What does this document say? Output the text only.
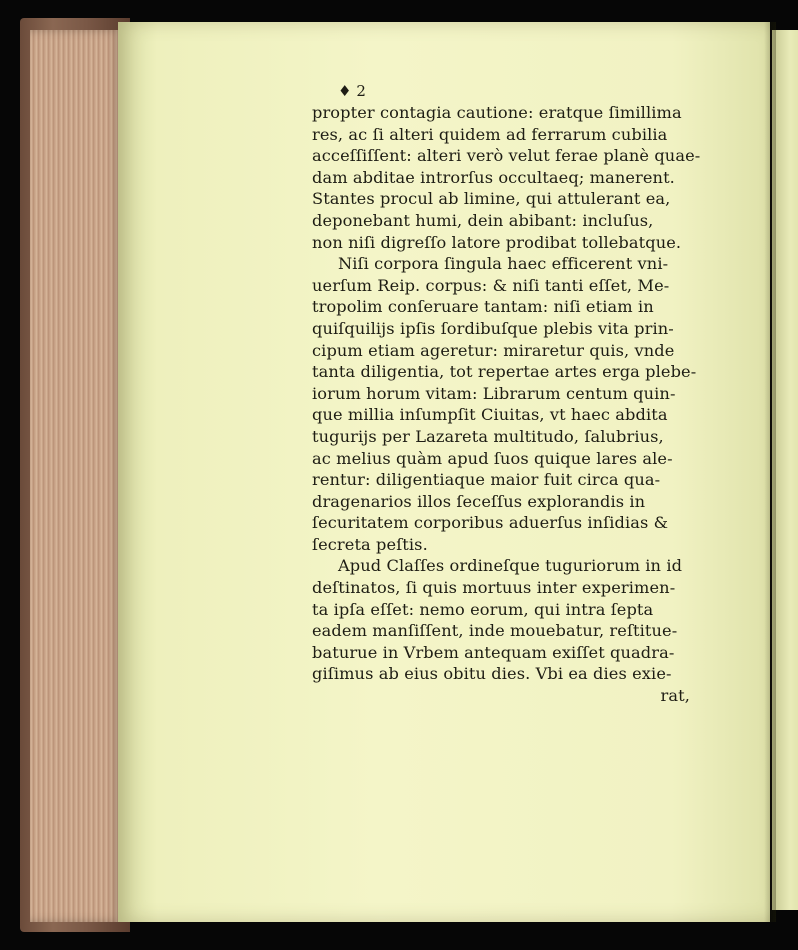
♦ 2
propter contagia cautione: eratque ſimillima
res, ac ſi alteri quidem ad ferrarum cubilia
acceſſiſſent: alteri verò velut ferae planè quae-
dam abditae introrſus occultaeq; manerent.
Stantes procul ab limine, qui attulerant ea,
deponebant humi, dein abibant: incluſus,
non niſi digreſſo latore prodibat tollebatque.
Niſi corpora ſingula haec efficerent vni-
uerſum Reip. corpus: & niſi tanti eſſet, Me-
tropolim conſeruare tantam: niſi etiam in
quiſquilijs ipſis ſordibuſque plebis vita prin-
cipum etiam ageretur: miraretur quis, vnde
tanta diligentia, tot repertae artes erga plebe-
iorum horum vitam: Librarum centum quin-
que millia inſumpſit Ciuitas, vt haec abdita
tugurijs per Lazareta multitudo, ſalubrius,
ac melius quàm apud ſuos quique lares ale-
rentur: diligentiaque maior fuit circa qua-
dragenarios illos ſeceſſus explorandis in
ſecuritatem corporibus aduerſus inſidias &
ſecreta peſtis.
Apud Claſſes ordineſque tuguriorum in id
deſtinatos, ſi quis mortuus inter experimen-
ta ipſa eſſet: nemo eorum, qui intra ſepta
eadem manſiſſent, inde mouebatur, reſtitue-
baturue in Vrbem antequam exiſſet quadra-
giſimus ab eius obitu dies. Vbi ea dies exie-
rat,
